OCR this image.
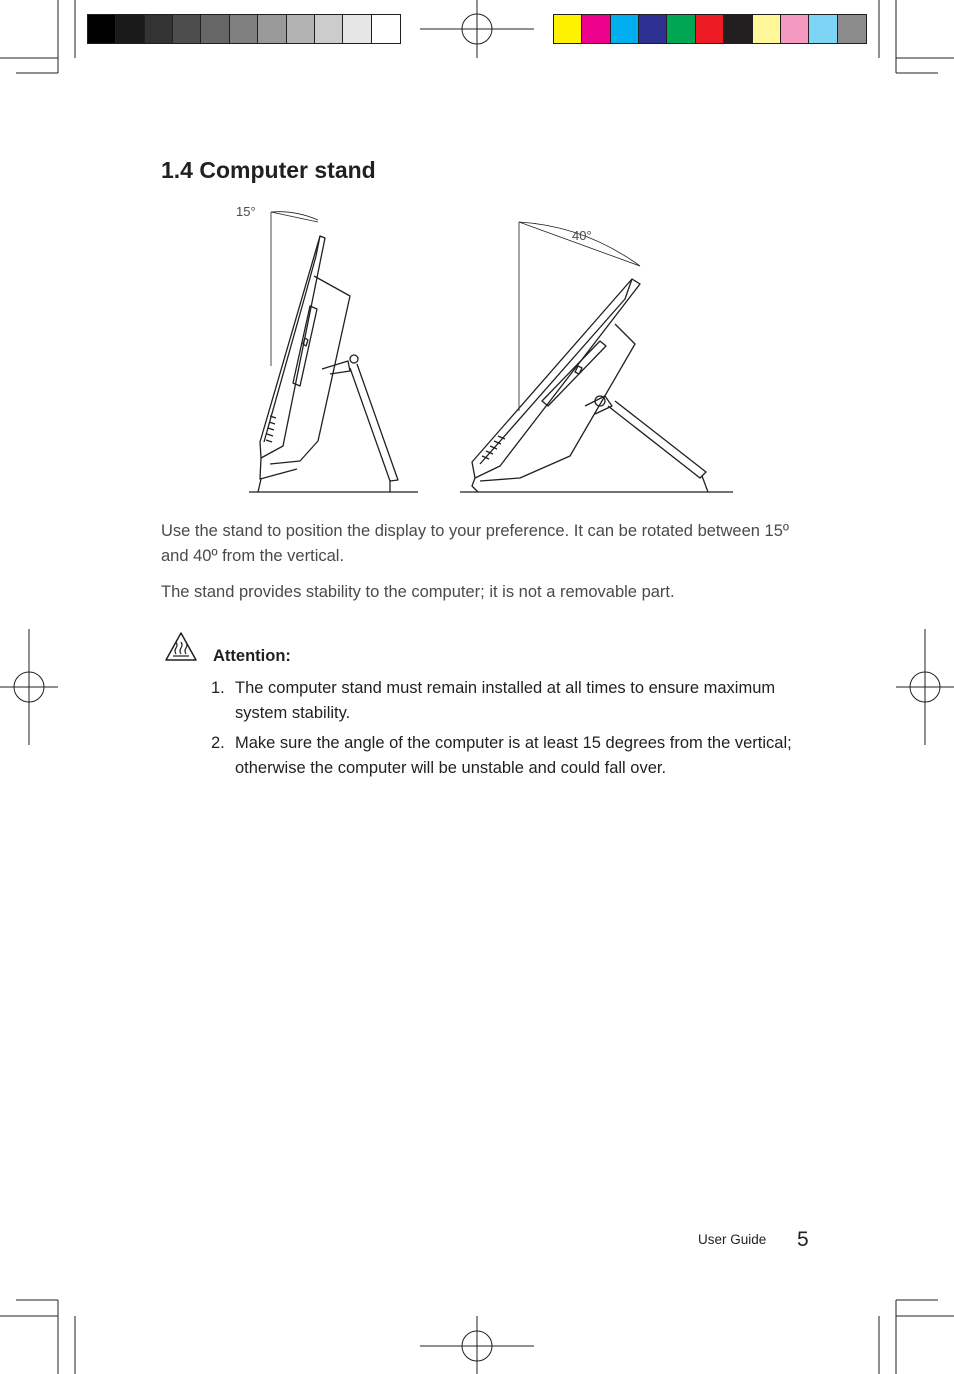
1.4 Computer stand
15°
40°

Use the stand to position the display to your preference. It can be rotated between 15º and 40º from the vertical.

The stand provides stability to the computer; it is not a removable part.

Attention:
1. The computer stand must remain installed at all times to ensure maximum system stability.
2. Make sure the angle of the computer is at least 15 degrees from the vertical; otherwise the computer will be unstable and could fall over.
User Guide 5
